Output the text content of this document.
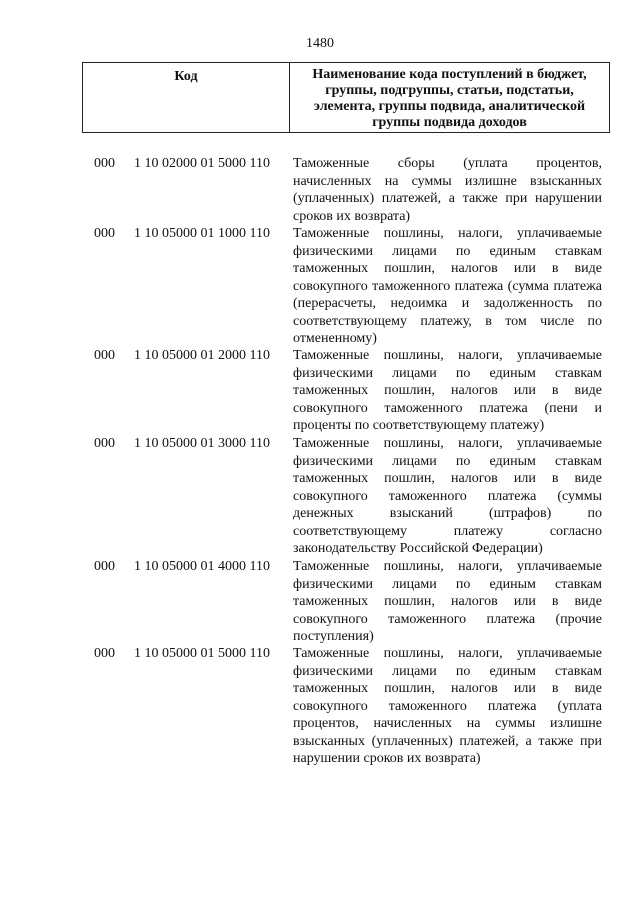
1480
Код	Наименование кода поступлений в бюджет, группы, подгруппы, статьи, подстатьи, элемента, группы подвида, аналитической группы подвида доходов
000	1 10 02000 01 5000 110	Таможенные сборы (уплата процентов, начисленных на суммы излишне взысканных (уплаченных) платежей, а также при нарушении сроков их возврата)
000	1 10 05000 01 1000 110	Таможенные пошлины, налоги, уплачиваемые физическими лицами по единым ставкам таможенных пошлин, налогов или в виде совокупного таможенного платежа (сумма платежа (перерасчеты, недоимка и задолженность по соответствующему платежу, в том числе по отмененному)
000	1 10 05000 01 2000 110	Таможенные пошлины, налоги, уплачиваемые физическими лицами по единым ставкам таможенных пошлин, налогов или в виде совокупного таможенного платежа (пени и проценты по соответствующему платежу)
000	1 10 05000 01 3000 110	Таможенные пошлины, налоги, уплачиваемые физическими лицами по единым ставкам таможенных пошлин, налогов или в виде совокупного таможенного платежа (суммы денежных взысканий (штрафов) по соответствующему платежу согласно законодательству Российской Федерации)
000	1 10 05000 01 4000 110	Таможенные пошлины, налоги, уплачиваемые физическими лицами по единым ставкам таможенных пошлин, налогов или в виде совокупного таможенного платежа (прочие поступления)
000	1 10 05000 01 5000 110	Таможенные пошлины, налоги, уплачиваемые физическими лицами по единым ставкам таможенных пошлин, налогов или в виде совокупного таможенного платежа (уплата процентов, начисленных на суммы излишне взысканных (уплаченных) платежей, а также при нарушении сроков их возврата)
